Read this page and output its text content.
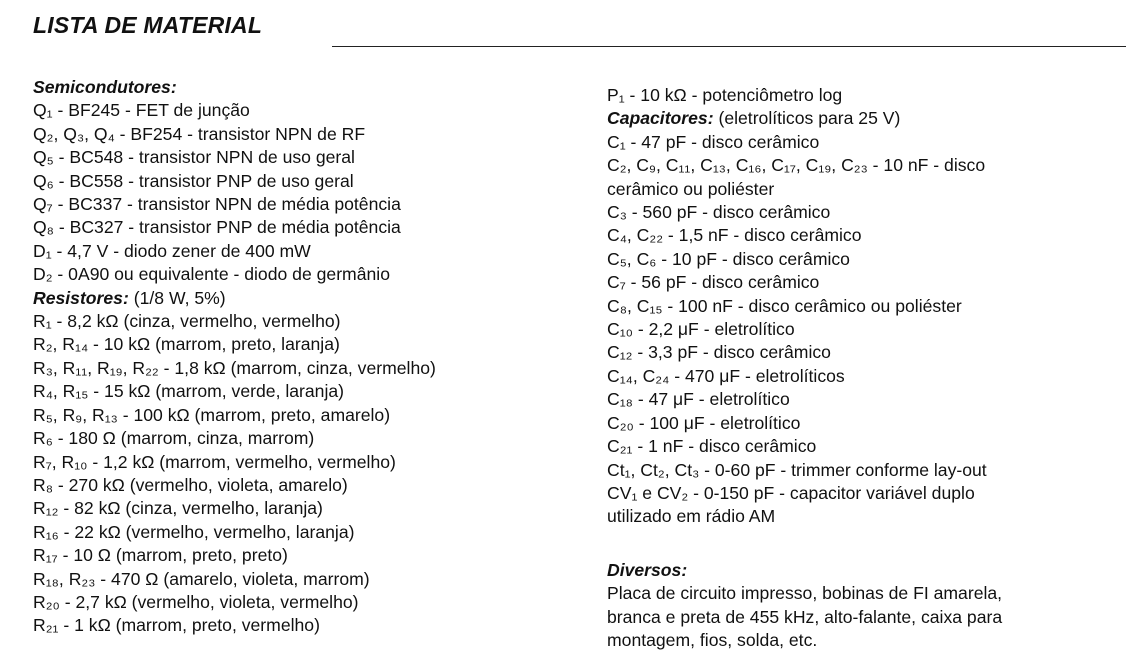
LISTA DE MATERIAL
Semicondutores:
Q₁ - BF245 - FET de junção
Q₂, Q₃, Q₄ - BF254 - transistor NPN de RF
Q₅ - BC548 - transistor NPN de uso geral
Q₆ - BC558 - transistor PNP de uso geral
Q₇ - BC337 - transistor NPN de média potência
Q₈ - BC327 - transistor PNP de média potência
D₁ - 4,7 V - diodo zener de 400 mW
D₂ - 0A90 ou equivalente - diodo de germânio
Resistores: (1/8 W, 5%)
R₁ - 8,2 kΩ (cinza, vermelho, vermelho)
R₂, R₁₄ - 10 kΩ (marrom, preto, laranja)
R₃, R₁₁, R₁₉, R₂₂ - 1,8 kΩ (marrom, cinza, vermelho)
R₄, R₁₅ - 15 kΩ (marrom, verde, laranja)
R₅, R₉, R₁₃ - 100 kΩ (marrom, preto, amarelo)
R₆ - 180 Ω (marrom, cinza, marrom)
R₇, R₁₀ - 1,2 kΩ (marrom, vermelho, vermelho)
R₈ - 270 kΩ (vermelho, violeta, amarelo)
R₁₂ - 82 kΩ (cinza, vermelho, laranja)
R₁₆ - 22 kΩ (vermelho, vermelho, laranja)
R₁₇ - 10 Ω (marrom, preto, preto)
R₁₈, R₂₃ - 470 Ω (amarelo, violeta, marrom)
R₂₀ - 2,7 kΩ (vermelho, violeta, vermelho)
R₂₁ - 1 kΩ (marrom, preto, vermelho)
P₁ - 10 kΩ - potenciômetro log
Capacitores: (eletrolíticos para 25 V)
C₁ - 47 pF - disco cerâmico
C₂, C₉, C₁₁, C₁₃, C₁₆, C₁₇, C₁₉, C₂₃ - 10 nF - disco
cerâmico ou poliéster
C₃ - 560 pF - disco cerâmico
C₄, C₂₂ - 1,5 nF - disco cerâmico
C₅, C₆ - 10 pF - disco cerâmico
C₇ - 56 pF - disco cerâmico
C₈, C₁₅ - 100 nF - disco cerâmico ou poliéster
C₁₀ - 2,2 μF - eletrolítico
C₁₂ - 3,3 pF - disco cerâmico
C₁₄, C₂₄ - 470 μF - eletrolíticos
C₁₈ - 47 μF - eletrolítico
C₂₀ - 100 μF - eletrolítico
C₂₁ - 1 nF - disco cerâmico
Ct₁, Ct₂, Ct₃ - 0-60 pF - trimmer conforme lay-out
CV₁ e CV₂ - 0-150 pF - capacitor variável duplo
utilizado em rádio AM
Diversos:
Placa de circuito impresso, bobinas de FI amarela,
branca e preta de 455 kHz, alto-falante, caixa para
montagem, fios, solda, etc.
